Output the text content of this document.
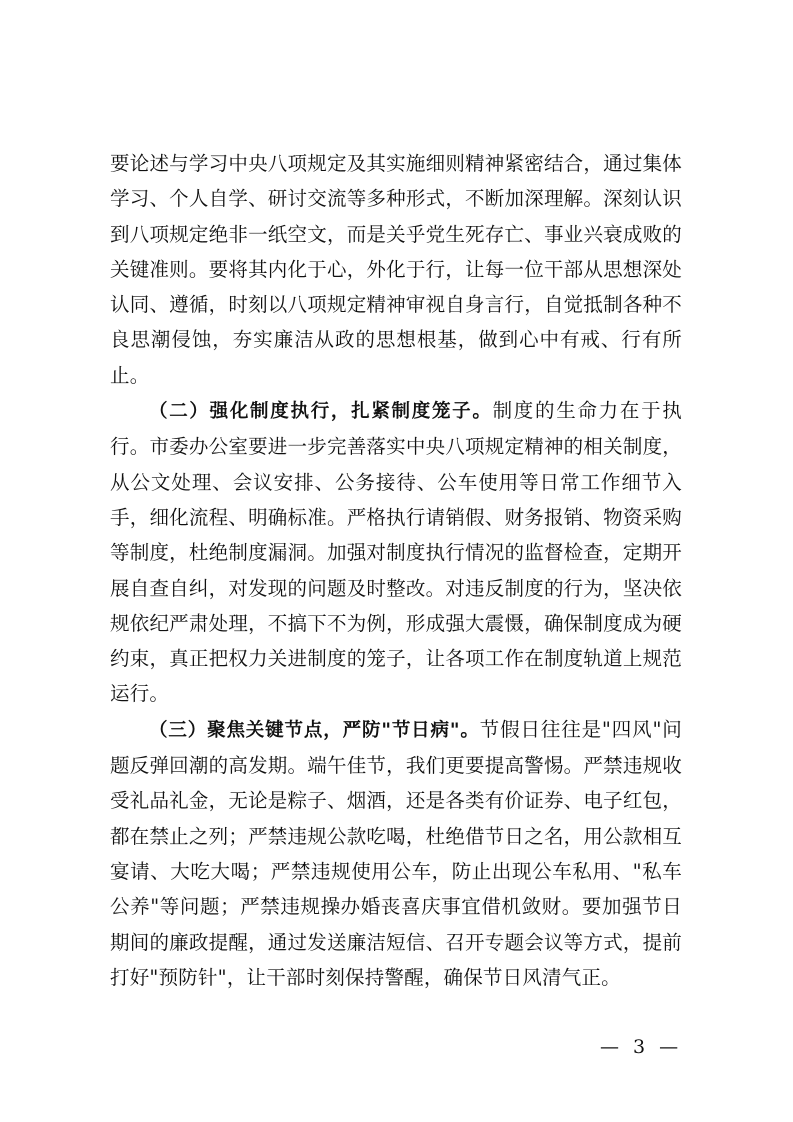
要论述与学习中央八项规定及其实施细则精神紧密结合，通过集体学习、个人自学、研讨交流等多种形式，不断加深理解。深刻认识到八项规定绝非一纸空文，而是关乎党生死存亡、事业兴衰成败的关键准则。要将其内化于心，外化于行，让每一位干部从思想深处认同、遵循，时刻以八项规定精神审视自身言行，自觉抵制各种不良思潮侵蚀，夯实廉洁从政的思想根基，做到心中有戒、行有所止。

（二）强化制度执行，扎紧制度笼子。制度的生命力在于执行。市委办公室要进一步完善落实中央八项规定精神的相关制度，从公文处理、会议安排、公务接待、公车使用等日常工作细节入手，细化流程、明确标准。严格执行请销假、财务报销、物资采购等制度，杜绝制度漏洞。加强对制度执行情况的监督检查，定期开展自查自纠，对发现的问题及时整改。对违反制度的行为，坚决依规依纪严肃处理，不搞下不为例，形成强大震慑，确保制度成为硬约束，真正把权力关进制度的笼子，让各项工作在制度轨道上规范运行。

（三）聚焦关键节点，严防"节日病"。节假日往往是"四风"问题反弹回潮的高发期。端午佳节，我们更要提高警惕。严禁违规收受礼品礼金，无论是粽子、烟酒，还是各类有价证券、电子红包，都在禁止之列；严禁违规公款吃喝，杜绝借节日之名，用公款相互宴请、大吃大喝；严禁违规使用公车，防止出现公车私用、"私车公养"等问题；严禁违规操办婚丧喜庆事宜借机敛财。要加强节日期间的廉政提醒，通过发送廉洁短信、召开专题会议等方式，提前打好"预防针"，让干部时刻保持警醒，确保节日风清气正。

— 3 —
